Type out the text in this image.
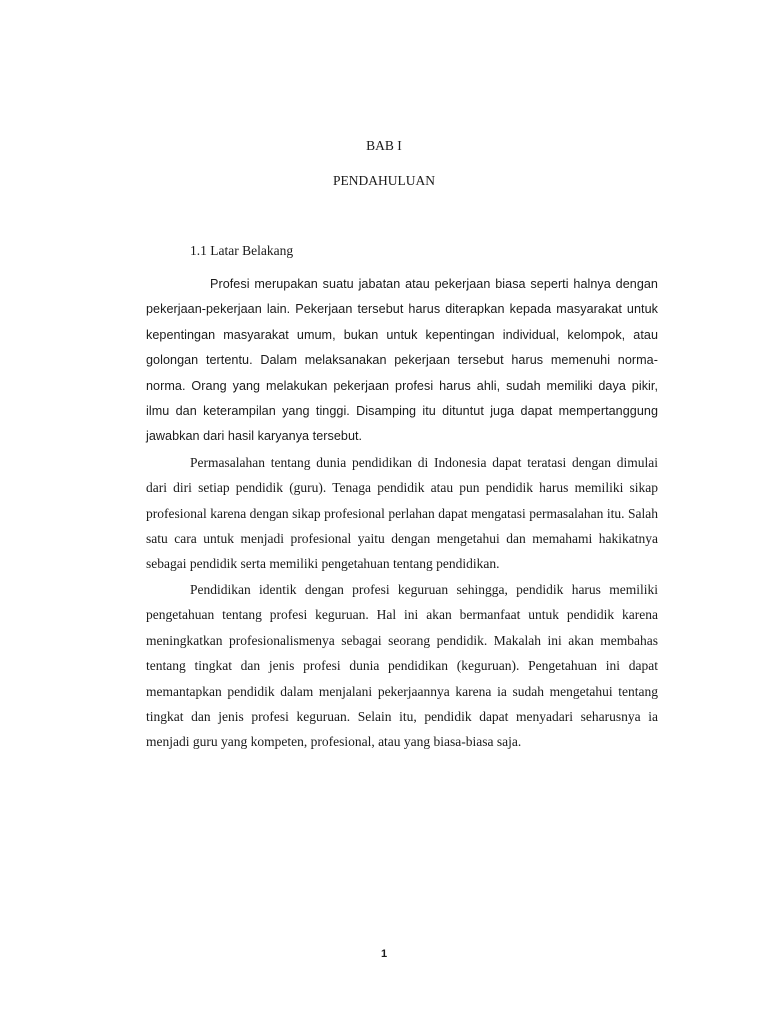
BAB I
PENDAHULUAN
1.1 Latar Belakang

Profesi merupakan suatu jabatan atau pekerjaan biasa seperti halnya dengan pekerjaan-pekerjaan lain. Pekerjaan tersebut harus diterapkan kepada masyarakat untuk kepentingan masyarakat umum, bukan untuk kepentingan individual, kelompok, atau golongan tertentu. Dalam melaksanakan pekerjaan tersebut harus memenuhi norma-norma. Orang yang melakukan pekerjaan profesi harus ahli, sudah memiliki daya pikir, ilmu dan keterampilan yang tinggi. Disamping itu dituntut juga dapat mempertanggung jawabkan dari hasil karyanya tersebut.

Permasalahan tentang dunia pendidikan di Indonesia dapat teratasi dengan dimulai dari diri setiap pendidik (guru). Tenaga pendidik atau pun pendidik harus memiliki sikap profesional karena dengan sikap profesional perlahan dapat mengatasi permasalahan itu. Salah satu cara untuk menjadi profesional yaitu dengan mengetahui dan memahami hakikatnya sebagai pendidik serta memiliki pengetahuan tentang pendidikan.

Pendidikan identik dengan profesi keguruan sehingga, pendidik harus memiliki pengetahuan tentang profesi keguruan. Hal ini akan bermanfaat untuk pendidik karena meningkatkan profesionalismenya sebagai seorang pendidik. Makalah ini akan membahas tentang tingkat dan jenis profesi dunia pendidikan (keguruan). Pengetahuan ini dapat memantapkan pendidik dalam menjalani pekerjaannya karena ia sudah mengetahui tentang tingkat dan jenis profesi keguruan. Selain itu, pendidik dapat menyadari seharusnya ia menjadi guru yang kompeten, profesional, atau yang biasa-biasa saja.

1
